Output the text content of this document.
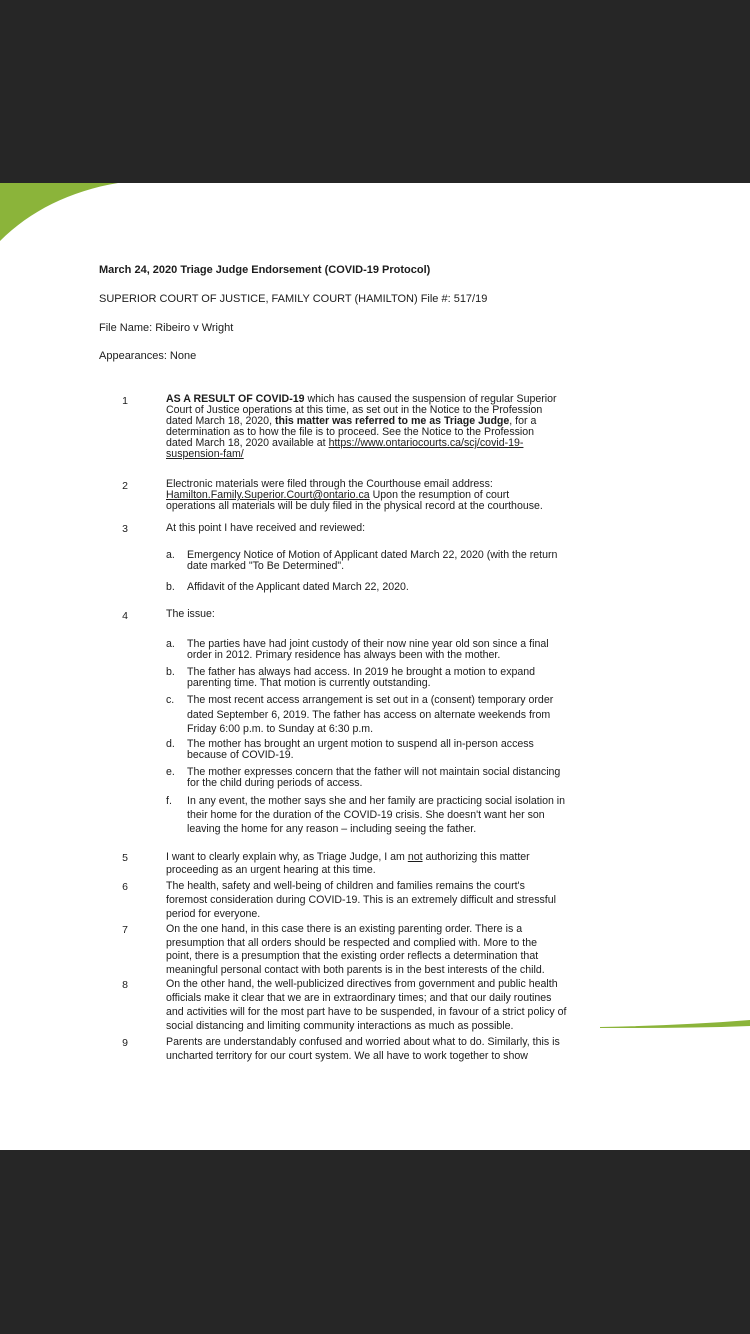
March 24, 2020 Triage Judge Endorsement (COVID-19 Protocol)
SUPERIOR COURT OF JUSTICE, FAMILY COURT (HAMILTON) File #: 517/19
File Name: Ribeiro v Wright
Appearances: None
1	AS A RESULT OF COVID-19 which has caused the suspension of regular Superior
Court of Justice operations at this time, as set out in the Notice to the Profession
dated March 18, 2020, this matter was referred to me as Triage Judge, for a
determination as to how the file is to proceed. See the Notice to the Profession
dated March 18, 2020 available at https://www.ontariocourts.ca/scj/covid-19-
suspension-fam/
2	Electronic materials were filed through the Courthouse email address:
Hamilton.Family.Superior.Court@ontario.ca Upon the resumption of court
operations all materials will be duly filed in the physical record at the courthouse.
3	At this point I have received and reviewed:
a. Emergency Notice of Motion of Applicant dated March 22, 2020 (with the return
date marked "To Be Determined".
b. Affidavit of the Applicant dated March 22, 2020.
4	The issue:
a. The parties have had joint custody of their now nine year old son since a final
order in 2012. Primary residence has always been with the mother.
b. The father has always had access. In 2019 he brought a motion to expand
parenting time. That motion is currently outstanding.
c. The most recent access arrangement is set out in a (consent) temporary order
dated September 6, 2019. The father has access on alternate weekends from
Friday 6:00 p.m. to Sunday at 6:30 p.m.
d. The mother has brought an urgent motion to suspend all in-person access
because of COVID-19.
e. The mother expresses concern that the father will not maintain social distancing
for the child during periods of access.
f. In any event, the mother says she and her family are practicing social isolation in
their home for the duration of the COVID-19 crisis. She doesn't want her son
leaving the home for any reason – including seeing the father.
5	I want to clearly explain why, as Triage Judge, I am not authorizing this matter
proceeding as an urgent hearing at this time.
6	The health, safety and well-being of children and families remains the court's
foremost consideration during COVID-19. This is an extremely difficult and stressful
period for everyone.
7	On the one hand, in this case there is an existing parenting order. There is a
presumption that all orders should be respected and complied with. More to the
point, there is a presumption that the existing order reflects a determination that
meaningful personal contact with both parents is in the best interests of the child.
8	On the other hand, the well-publicized directives from government and public health
officials make it clear that we are in extraordinary times; and that our daily routines
and activities will for the most part have to be suspended, in favour of a strict policy of
social distancing and limiting community interactions as much as possible.
9	Parents are understandably confused and worried about what to do. Similarly, this is
uncharted territory for our court system. We all have to work together to show
